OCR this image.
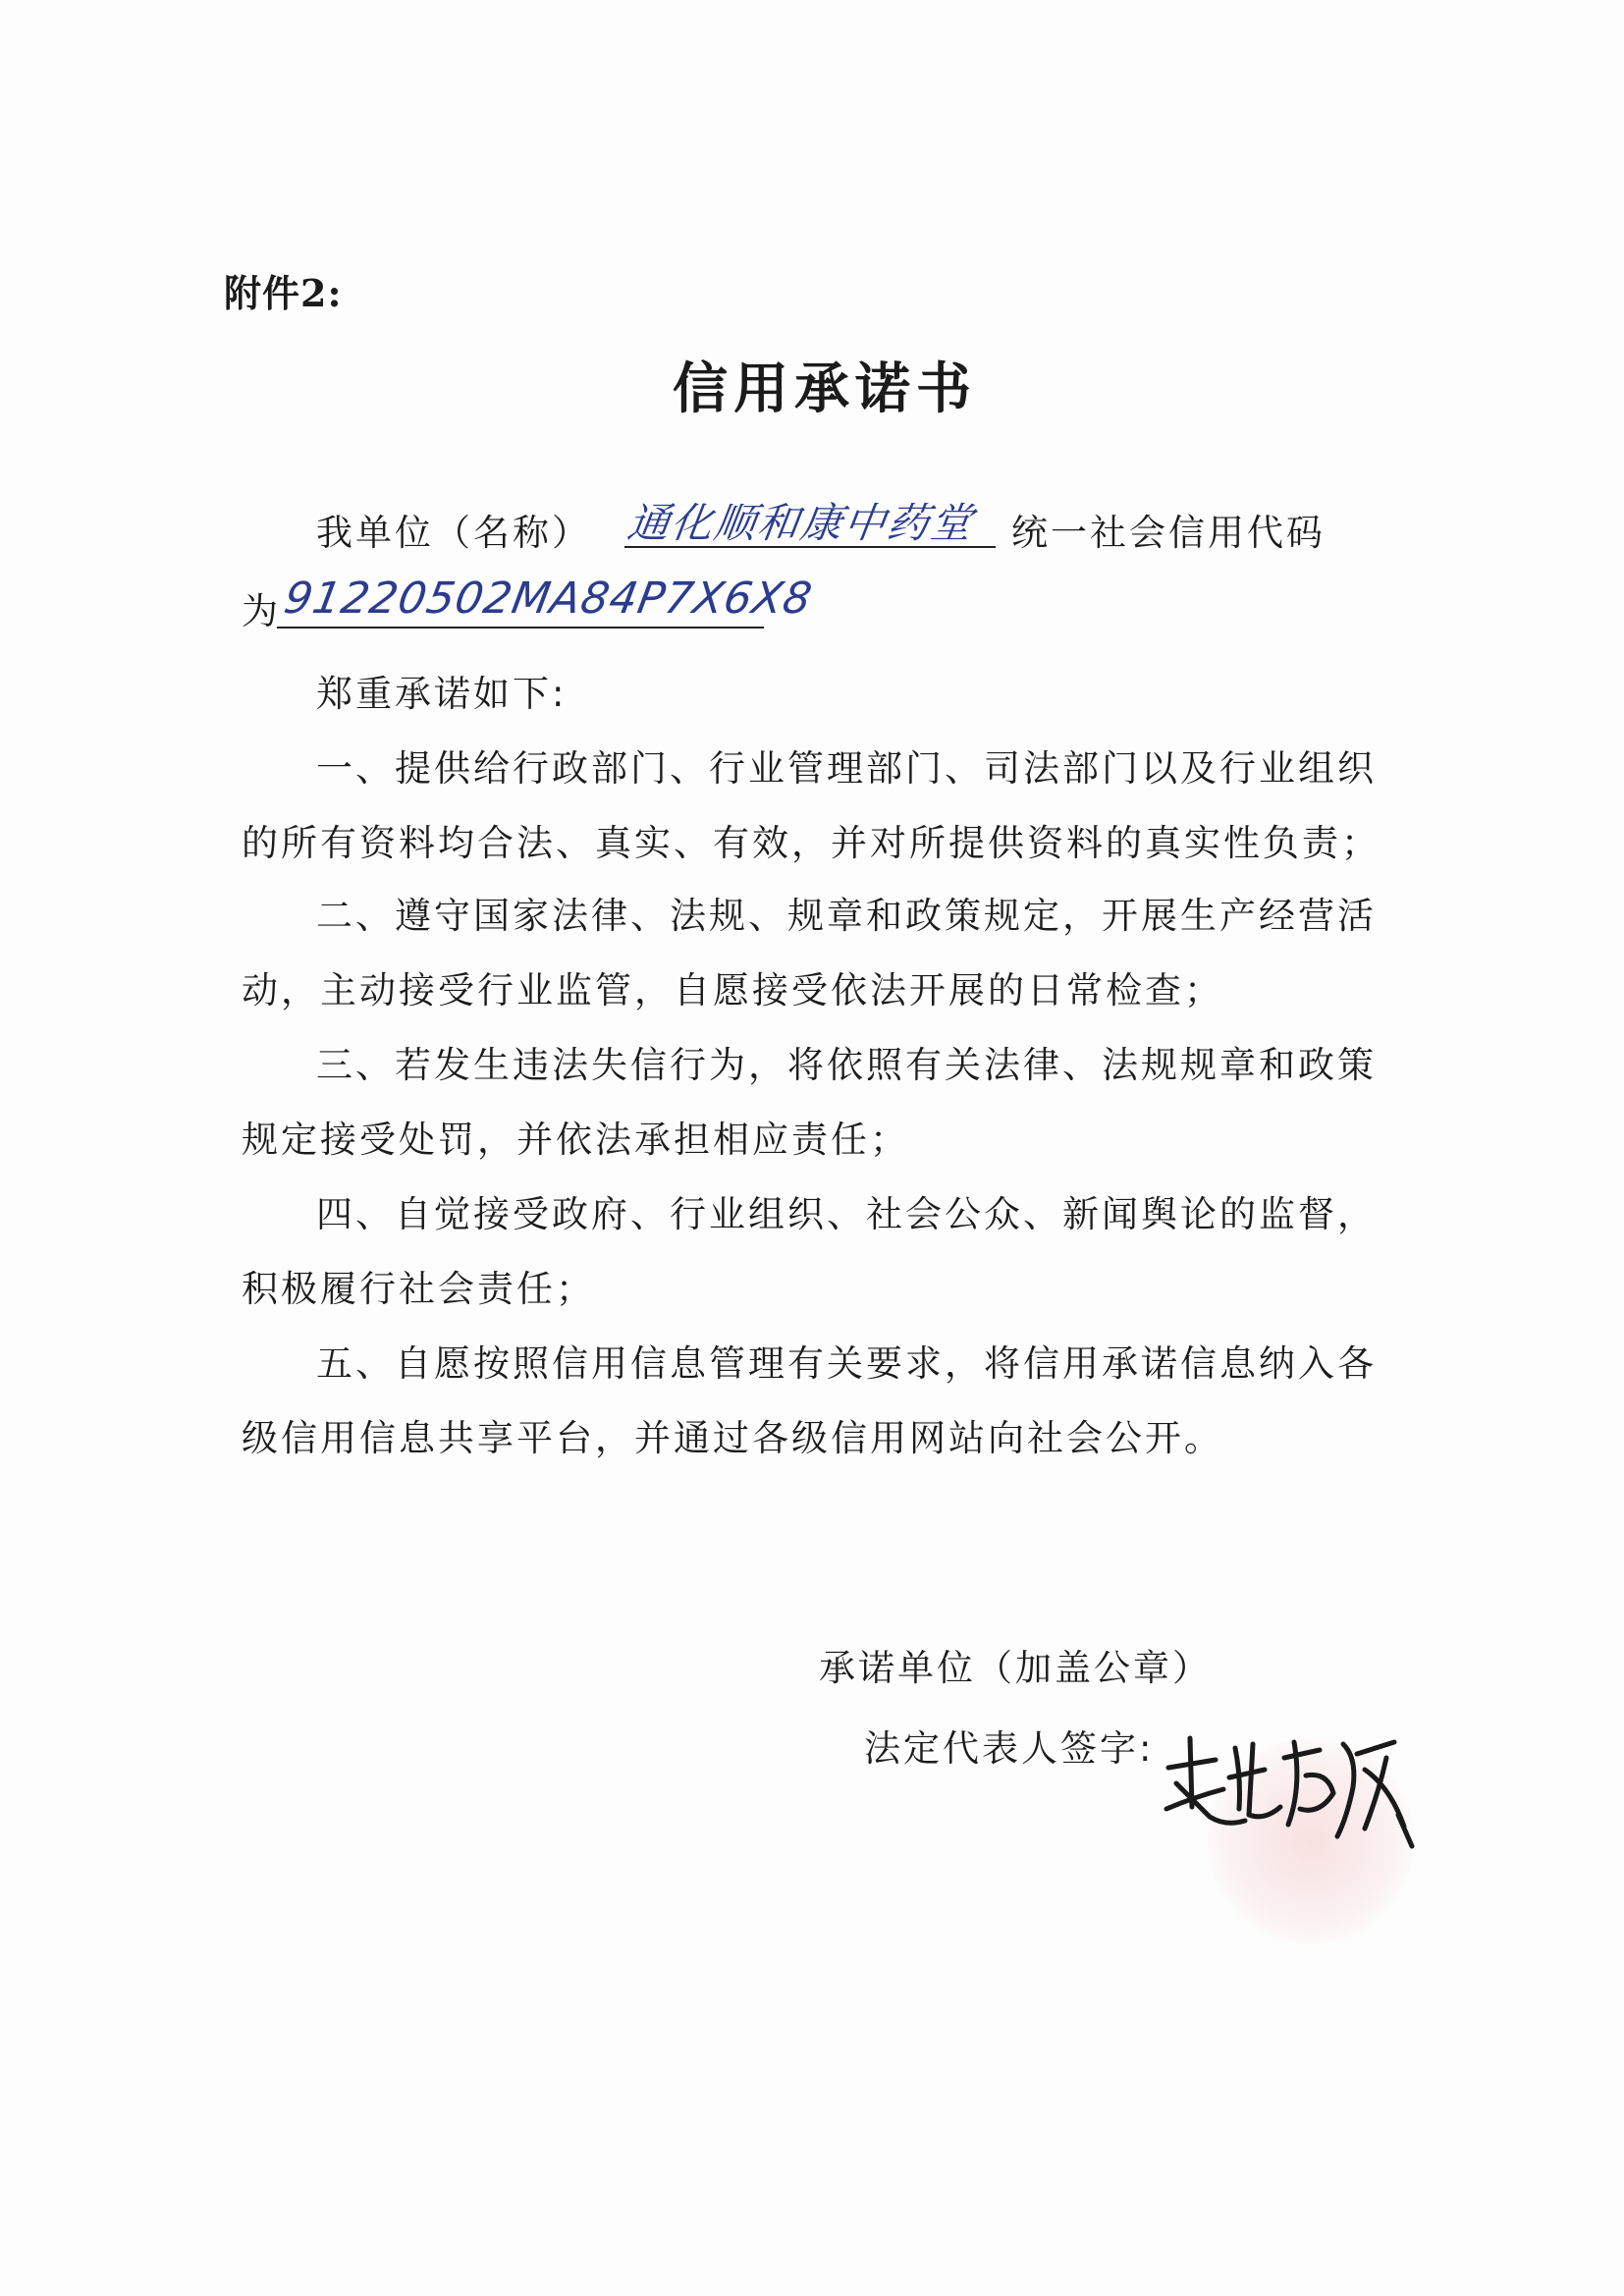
附件2:
信用承诺书
我单位（名称） 通化顺和康中药堂 统一社会信用代码
为 91220502MA84P7X6X8
郑重承诺如下:
一、提供给行政部门、行业管理部门、司法部门以及行业组织
的所有资料均合法、真实、有效，并对所提供资料的真实性负责；
二、遵守国家法律、法规、规章和政策规定，开展生产经营活
动，主动接受行业监管，自愿接受依法开展的日常检查；
三、若发生违法失信行为，将依照有关法律、法规规章和政策
规定接受处罚，并依法承担相应责任；
四、自觉接受政府、行业组织、社会公众、新闻舆论的监督，
积极履行社会责任；
五、自愿按照信用信息管理有关要求，将信用承诺信息纳入各
级信用信息共享平台，并通过各级信用网站向社会公开。
承诺单位（加盖公章）
法定代表人签字:
